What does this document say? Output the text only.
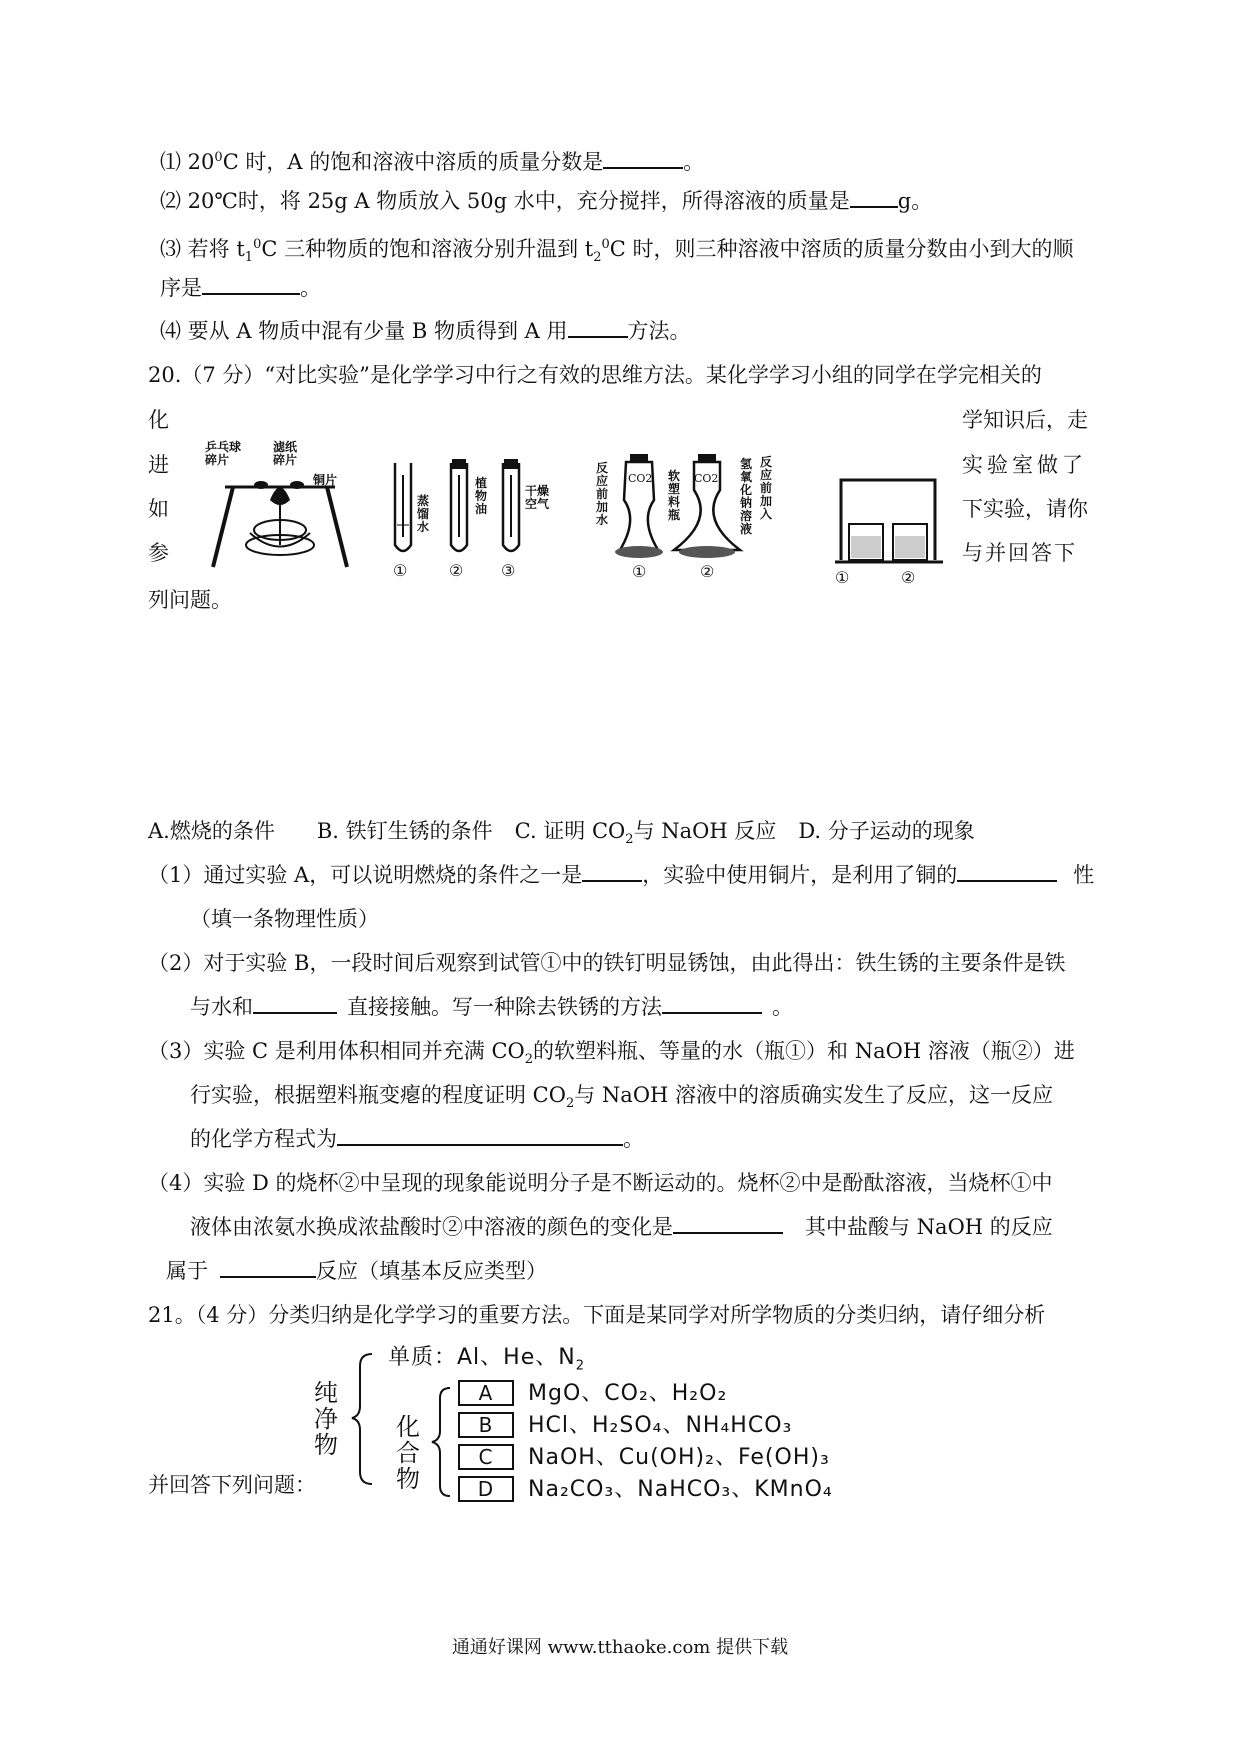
⑴ $20^0C$ 时，A 的饱和溶液中溶质的质量分数是	。
⑵ 20℃时，将 25g A 物质放入 50g 水中，充分搅拌，所得溶液的质量是 g。
⑶ 若将 $t_1^0C$ 三种物质的饱和溶液分别升温到 $t_2^0C$ 时，则三种溶液中溶质的质量分数由小到大的顺
序是	。
⑷ 要从 A 物质中混有少量 B 物质得到 A 用	方法。
20.（7 分）“对比实验”是化学学习中行之有效的思维方法。某化学学习小组的同学在学完相关的
化
进
如
参
学知识后，走
实验室做了
下实验，请你
与并回答下
列问题。
乒乓球
碎片
滤纸
碎片
铜片
蒸馏水
植物油
干燥空气
①	② ③
CO2	CO2
反应前加水
软塑料瓶
氢氧化钠溶液
反应前加入
①	②	①	②
A.燃烧的条件 B. 铁钉生锈的条件 C. 证明 $CO_2$与 NaOH 反应 D. 分子运动的现象
（1）通过实验 A，可以说明燃烧的条件之一是	，实验中使用铜片，是利用了铜的	性
（填一条物理性质）
（2）对于实验 B，一段时间后观察到试管①中的铁钉明显锈蚀，由此得出：铁生锈的主要条件是铁
与水和	直接接触。写一种除去铁锈的方法	。
（3）实验 C 是利用体积相同并充满 $CO_2$的软塑料瓶、等量的水（瓶①）和 NaOH 溶液（瓶②）进
行实验，根据塑料瓶变瘪的程度证明 $CO_2$与 NaOH 溶液中的溶质确实发生了反应，这一反应
的化学方程式为	。
（4）实验 D 的烧杯②中呈现的现象能说明分子是不断运动的。烧杯②中是酚酞溶液，当烧杯①中
液体由浓氨水换成浓盐酸时②中溶液的颜色的变化是	其中盐酸与 NaOH 的反应
属于	反应（填基本反应类型）
21。（4 分）分类归纳是化学学习的重要方法。下面是某同学对所学物质的分类归纳，请仔细分析
纯
净
物
化
合
物
单质：Al、He、$N_2$
A MgO、CO₂、H₂O₂
B HCl、H₂SO₄、NH₄HCO₃
C NaOH、Cu(OH)₂、Fe(OH)₃
D Na₂CO₃、NaHCO₃、KMnO₄
并回答下列问题：
通通好课网 www.tthaoke.com 提供下载
